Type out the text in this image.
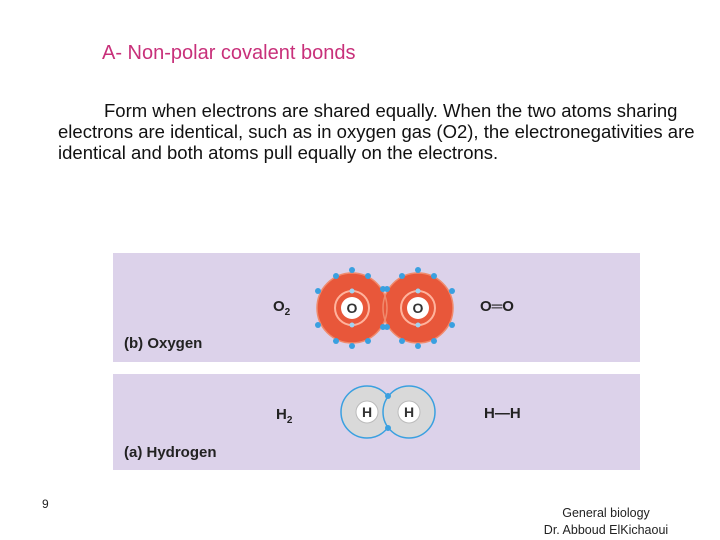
A- Non-polar covalent bonds
Form when electrons are shared equally. When the two atoms sharing electrons are identical, such as in oxygen gas (O2), the electronegativities are identical and both atoms pull equally on the electrons.
$O_2$	O═O
(b) Oxygen
O	O
$H_2$	H—H
(a) Hydrogen
H H
9
General biology
Dr. Abboud ElKichaoui
